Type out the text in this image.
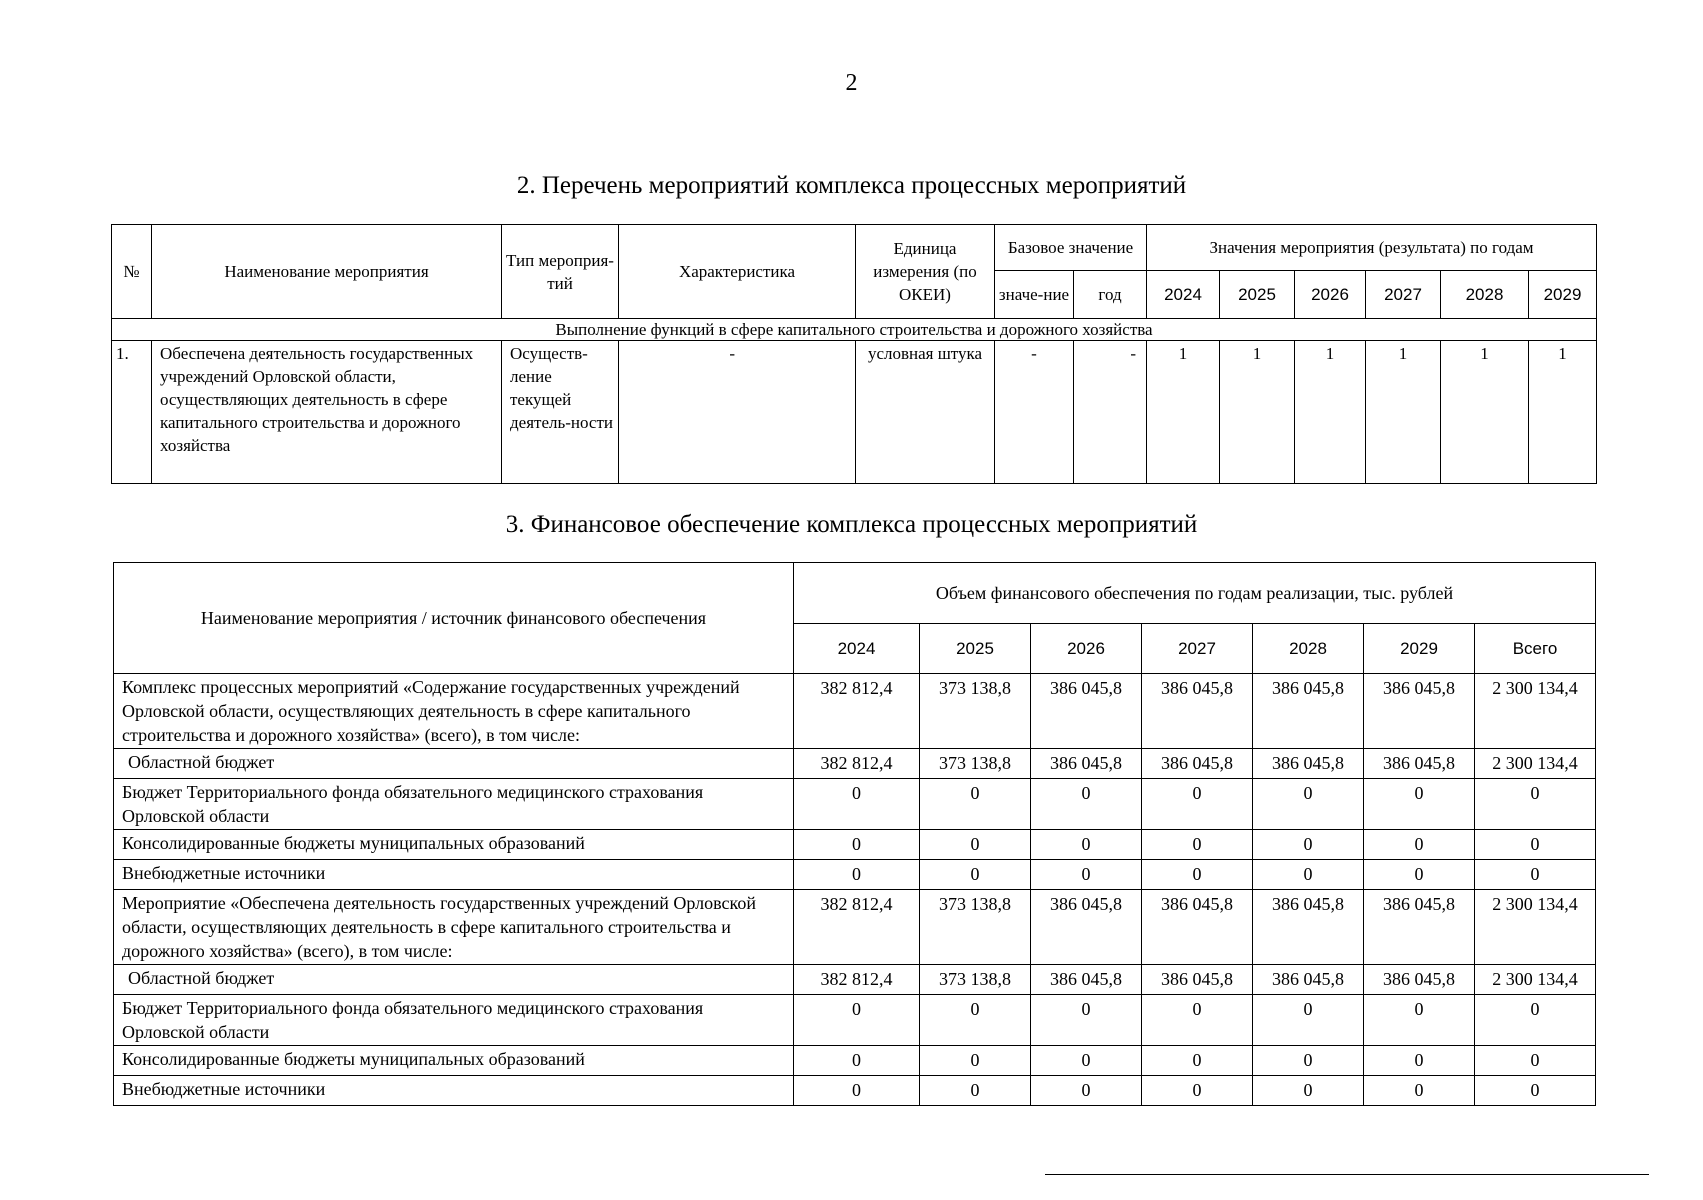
2
2. Перечень мероприятий комплекса процессных мероприятий
№	Наименование мероприятия	Тип мероприя-тий	Характеристика	Единица измерения (по ОКЕИ)	Базовое значение		Значения мероприятия (результата) по годам					
					значе-ние	год	2024	2025	2026	2027	2028	2029
Выполнение функций в сфере капитального строительства и дорожного хозяйства												
1.	Обеспечена деятельность государственных учреждений Орловской области, осуществляющих деятельность в сфере капитального строительства и дорожного хозяйства	Осуществ-ление текущей деятель-ности	-	условная штука	-	-	1	1	1	1	1	1
3. Финансовое обеспечение комплекса процессных мероприятий
Наименование мероприятия / источник финансового обеспечения	Объем финансового обеспечения по годам реализации, тыс. рублей						
	2024	2025	2026	2027	2028	2029	Всего
Комплекс процессных мероприятий «Содержание государственных учреждений Орловской области, осуществляющих деятельность в сфере капитального строительства и дорожного хозяйства» (всего), в том числе:	382 812,4	373 138,8	386 045,8	386 045,8	386 045,8	386 045,8	2 300 134,4
Областной бюджет	382 812,4	373 138,8	386 045,8	386 045,8	386 045,8	386 045,8	2 300 134,4
Бюджет Территориального фонда обязательного медицинского страхования Орловской области	0	0	0	0	0	0	0
Консолидированные бюджеты муниципальных образований	0	0	0	0	0	0	0
Внебюджетные источники	0	0	0	0	0	0	0
Мероприятие «Обеспечена деятельность государственных учреждений Орловской области, осуществляющих деятельность в сфере капитального строительства и дорожного хозяйства» (всего), в том числе:	382 812,4	373 138,8	386 045,8	386 045,8	386 045,8	386 045,8	2 300 134,4
Областной бюджет	382 812,4	373 138,8	386 045,8	386 045,8	386 045,8	386 045,8	2 300 134,4
Бюджет Территориального фонда обязательного медицинского страхования Орловской области	0	0	0	0	0	0	0
Консолидированные бюджеты муниципальных образований	0	0	0	0	0	0	0
Внебюджетные источники	0	0	0	0	0	0	0
